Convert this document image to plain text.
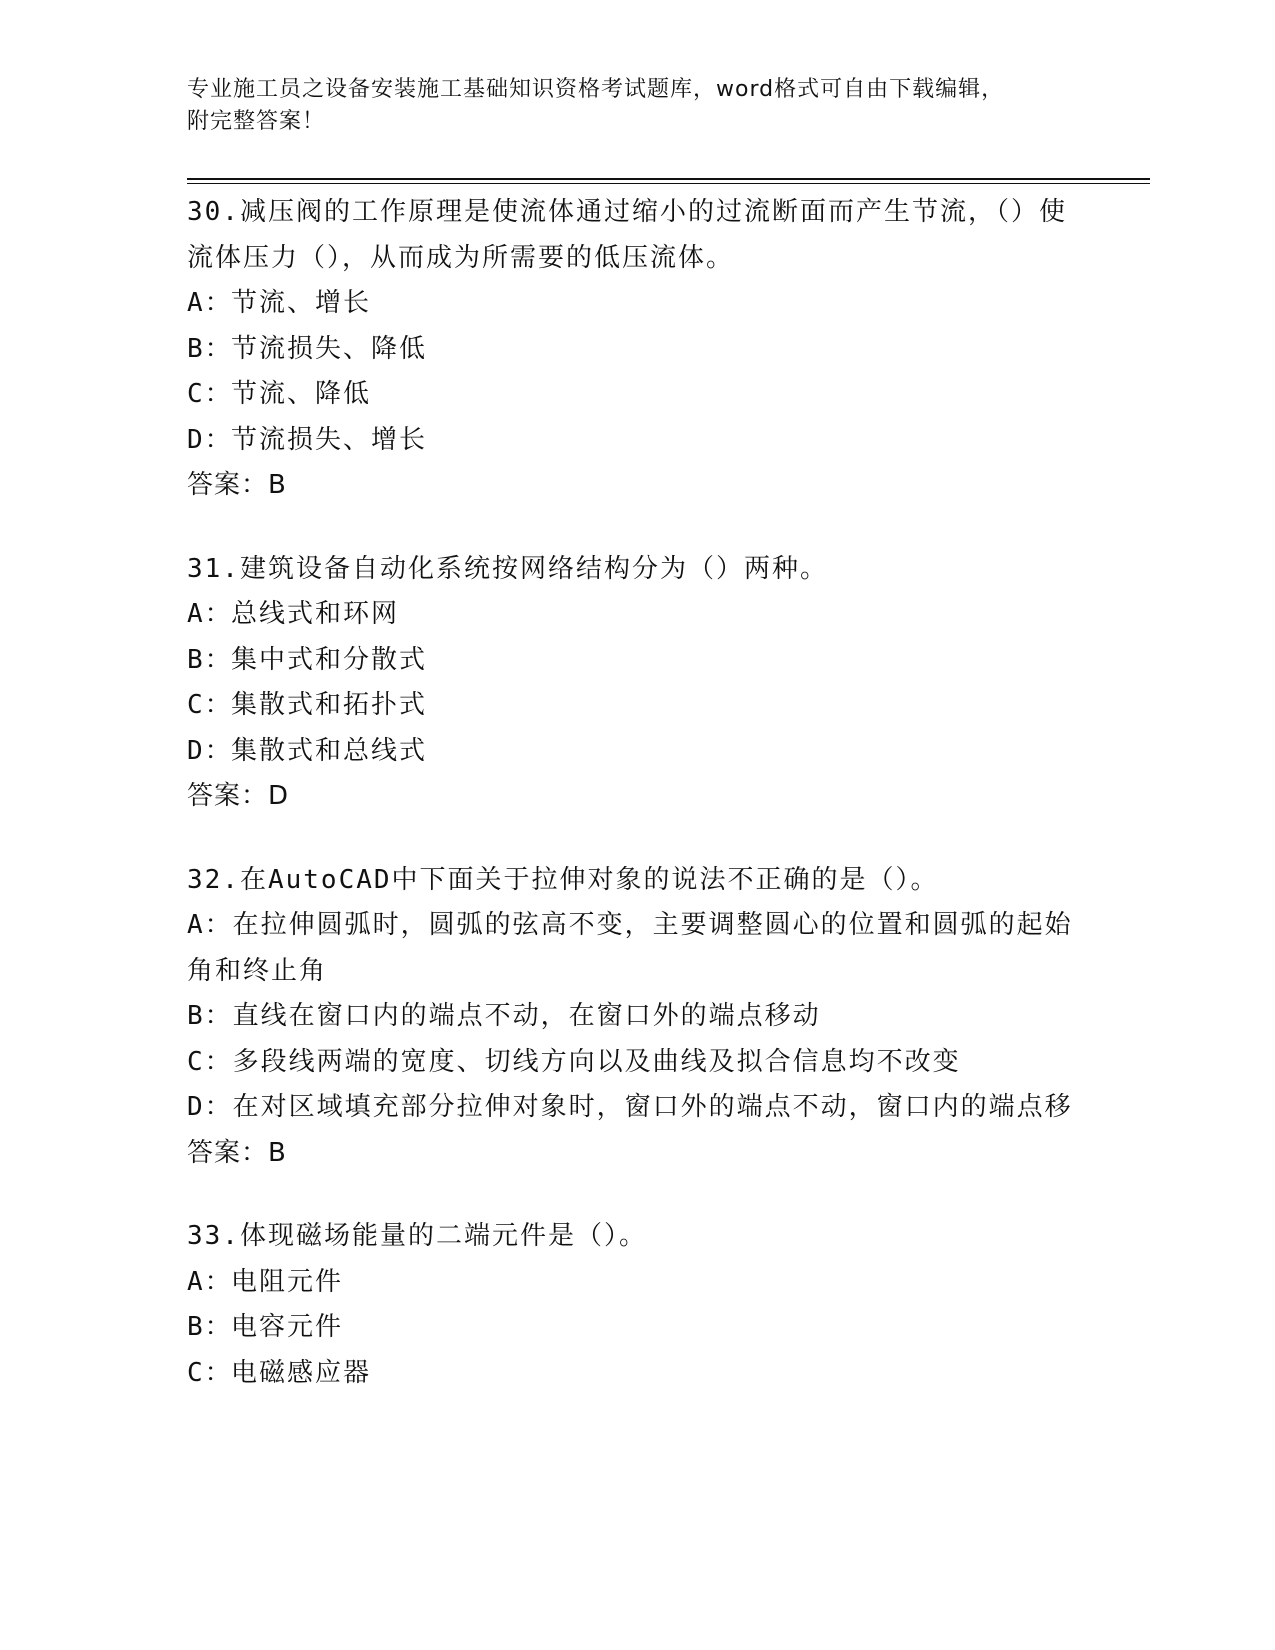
专业施工员之设备安装施工基础知识资格考试题库，word格式可自由下载编辑，
附完整答案！
30.减压阀的工作原理是使流体通过缩小的过流断面而产生节流，（）使流体压力（），从而成为所需要的低压流体。
A：节流、增长
B：节流损失、降低
C：节流、降低
D：节流损失、增长
答案：B
31.建筑设备自动化系统按网络结构分为（）两种。
A：总线式和环网
B：集中式和分散式
C：集散式和拓扑式
D：集散式和总线式
答案：D
32.在AutoCAD中下面关于拉伸对象的说法不正确的是（）。
A：在拉伸圆弧时，圆弧的弦高不变，主要调整圆心的位置和圆弧的起始角和终止角
B：直线在窗口内的端点不动，在窗口外的端点移动
C：多段线两端的宽度、切线方向以及曲线及拟合信息均不改变
D：在对区域填充部分拉伸对象时，窗口外的端点不动，窗口内的端点移
答案：B
33.体现磁场能量的二端元件是（）。
A：电阻元件
B：电容元件
C：电磁感应器
